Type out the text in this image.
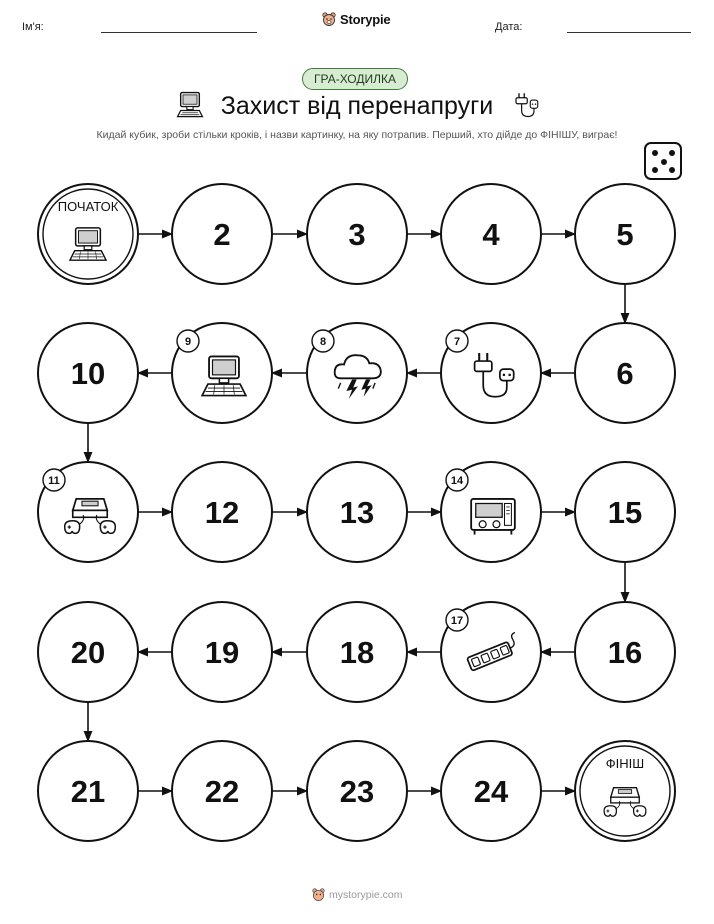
Ім'я:	Storypie	Дата:
ГРА-ХОДИЛКА
Захист від перенапруги
Кидай кубик, зроби стільки кроків, і назви картинку, на яку потрапив. Перший, хто дійде до ФІНІШУ, виграє!
ПОЧАТОК
2	3	4	5
6
7
8
9
10
11
12	13
14
15
16
17
18
19
20
21	22	23	24
ФІНІШ
mystorypie.com
